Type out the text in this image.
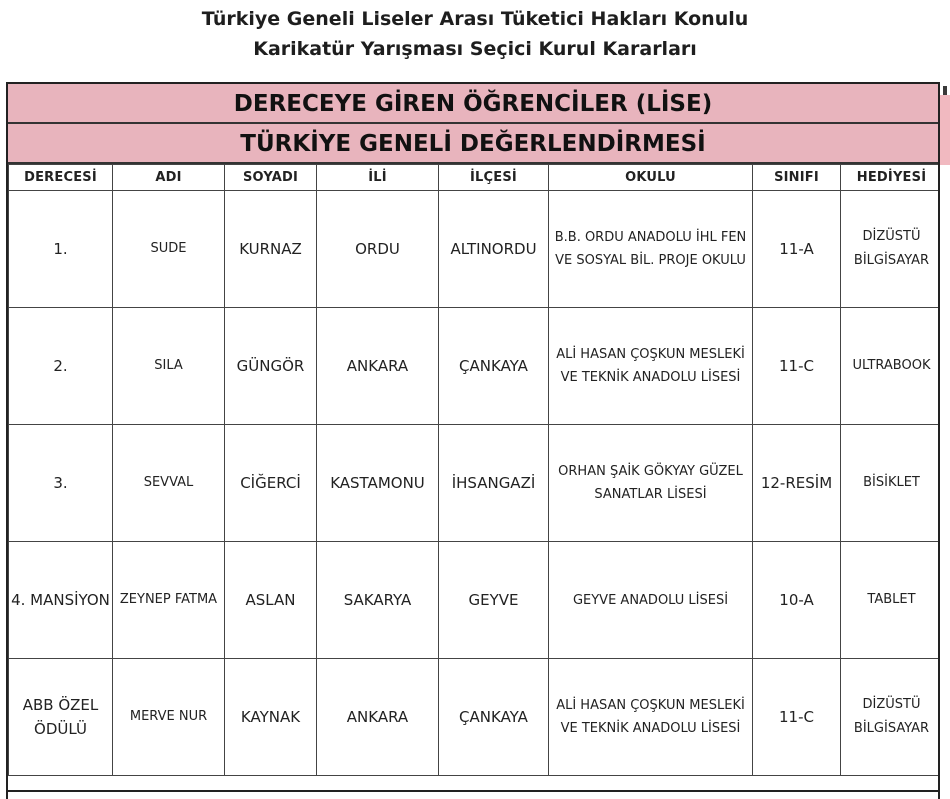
Türkiye Geneli Liseler Arası Tüketici Hakları Konulu
Karikatür Yarışması Seçici Kurul Kararları
DERECEYE GİREN ÖĞRENCİLER (LİSE)
TÜRKİYE GENELİ DEĞERLENDİRMESİ
DERECESİ	ADI	SOYADI	İLİ	İLÇESİ	OKULU	SINIFI	HEDİYESİ
1.	SUDE	KURNAZ	ORDU	ALTINORDU	B.B. ORDU ANADOLU İHL FEN VE SOSYAL BİL. PROJE OKULU	11-A	DİZÜSTÜ BİLGİSAYAR
2.	SILA	GÜNGÖR	ANKARA	ÇANKAYA	ALİ HASAN ÇOŞKUN MESLEKİ VE TEKNİK ANADOLU LİSESİ	11-C	ULTRABOOK
3.	SEVVAL	CİĞERCİ	KASTAMONU	İHSANGAZİ	ORHAN ŞAİK GÖKYAY GÜZEL SANATLAR LİSESİ	12-RESİM	BİSİKLET
4. MANSİYON	ZEYNEP FATMA	ASLAN	SAKARYA	GEYVE	GEYVE ANADOLU LİSESİ	10-A	TABLET
ABB ÖZEL ÖDÜLÜ	MERVE NUR	KAYNAK	ANKARA	ÇANKAYA	ALİ HASAN ÇOŞKUN MESLEKİ VE TEKNİK ANADOLU LİSESİ	11-C	DİZÜSTÜ BİLGİSAYAR
